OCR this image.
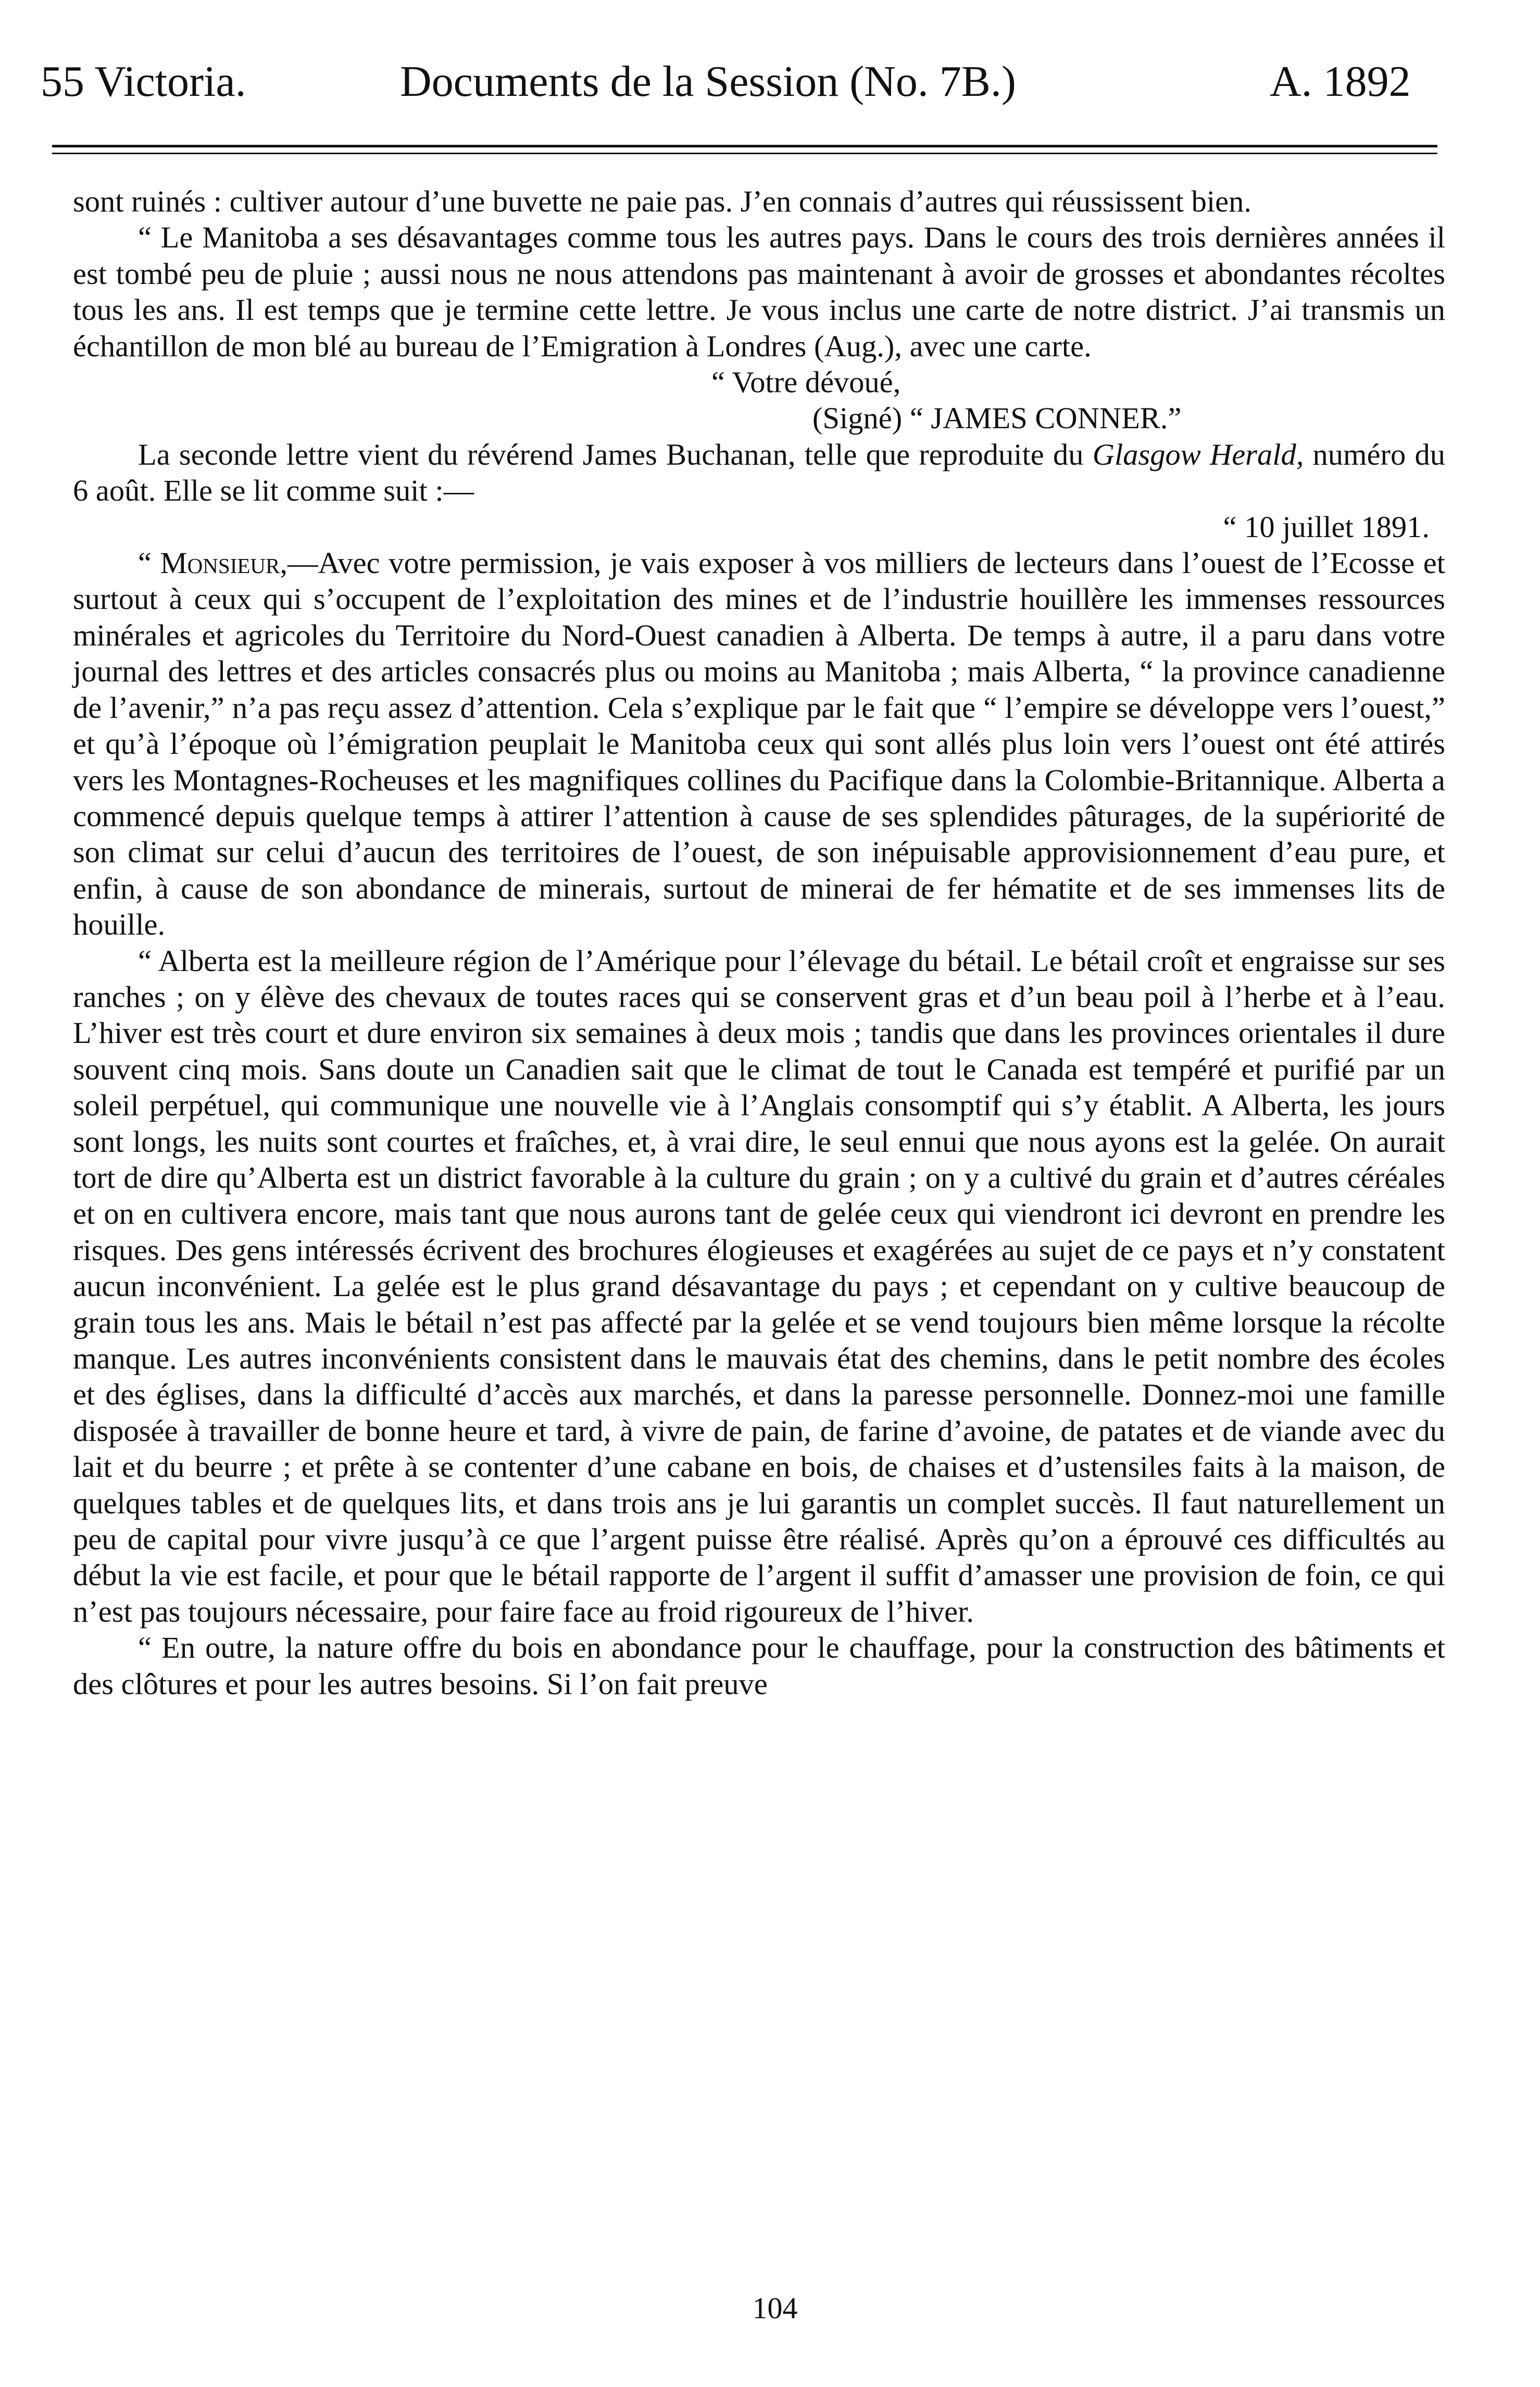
55 Victoria.	Documents de la Session (No. 7B.)	A. 1892

sont ruinés : cultiver autour d’une buvette ne paie pas. J’en connais d’autres qui réussissent bien.

“ Le Manitoba a ses désavantages comme tous les autres pays. Dans le cours des trois dernières années il est tombé peu de pluie ; aussi nous ne nous attendons pas maintenant à avoir de grosses et abondantes récoltes tous les ans. Il est temps que je termine cette lettre. Je vous inclus une carte de notre district. J’ai transmis un échantillon de mon blé au bureau de l’Emigration à Londres (Aug.), avec une carte.

“ Votre dévoué,

(Signé) “ JAMES CONNER.”

La seconde lettre vient du révérend James Buchanan, telle que reproduite du Glasgow Herald, numéro du 6 août. Elle se lit comme suit :—

“ 10 juillet 1891.

“ Monsieur,—Avec votre permission, je vais exposer à vos milliers de lecteurs dans l’ouest de l’Ecosse et surtout à ceux qui s’occupent de l’exploitation des mines et de l’industrie houillère les immenses ressources minérales et agricoles du Territoire du Nord-Ouest canadien à Alberta. De temps à autre, il a paru dans votre journal des lettres et des articles consacrés plus ou moins au Manitoba ; mais Alberta, “ la province canadienne de l’avenir,” n’a pas reçu assez d’attention. Cela s’explique par le fait que “ l’empire se développe vers l’ouest,” et qu’à l’époque où l’émigration peuplait le Manitoba ceux qui sont allés plus loin vers l’ouest ont été attirés vers les Montagnes-Rocheuses et les magnifiques collines du Pacifique dans la Colombie-Britannique. Alberta a commencé depuis quelque temps à attirer l’attention à cause de ses splendides pâturages, de la supériorité de son climat sur celui d’aucun des territoires de l’ouest, de son inépuisable approvisionnement d’eau pure, et enfin, à cause de son abondance de minerais, surtout de minerai de fer hématite et de ses immenses lits de houille.

“ Alberta est la meilleure région de l’Amérique pour l’élevage du bétail. Le bétail croît et engraisse sur ses ranches ; on y élève des chevaux de toutes races qui se conservent gras et d’un beau poil à l’herbe et à l’eau. L’hiver est très court et dure environ six semaines à deux mois ; tandis que dans les provinces orientales il dure souvent cinq mois. Sans doute un Canadien sait que le climat de tout le Canada est tempéré et purifié par un soleil perpétuel, qui communique une nouvelle vie à l’Anglais consomptif qui s’y établit. A Alberta, les jours sont longs, les nuits sont courtes et fraîches, et, à vrai dire, le seul ennui que nous ayons est la gelée. On aurait tort de dire qu’Alberta est un district favorable à la culture du grain ; on y a cultivé du grain et d’autres céréales et on en cultivera encore, mais tant que nous aurons tant de gelée ceux qui viendront ici devront en prendre les risques. Des gens intéressés écrivent des brochures élogieuses et exagérées au sujet de ce pays et n’y constatent aucun inconvénient. La gelée est le plus grand désavantage du pays ; et cependant on y cultive beaucoup de grain tous les ans. Mais le bétail n’est pas affecté par la gelée et se vend toujours bien même lorsque la récolte manque. Les autres inconvénients consistent dans le mauvais état des chemins, dans le petit nombre des écoles et des églises, dans la difficulté d’accès aux marchés, et dans la paresse personnelle. Donnez-moi une famille disposée à travailler de bonne heure et tard, à vivre de pain, de farine d’avoine, de patates et de viande avec du lait et du beurre ; et prête à se contenter d’une cabane en bois, de chaises et d’ustensiles faits à la maison, de quelques tables et de quelques lits, et dans trois ans je lui garantis un complet succès. Il faut naturellement un peu de capital pour vivre jusqu’à ce que l’argent puisse être réalisé. Après qu’on a éprouvé ces difficultés au début la vie est facile, et pour que le bétail rapporte de l’argent il suffit d’amasser une provision de foin, ce qui n’est pas toujours nécessaire, pour faire face au froid rigoureux de l’hiver.

“ En outre, la nature offre du bois en abondance pour le chauffage, pour la construction des bâtiments et des clôtures et pour les autres besoins. Si l’on fait preuve

104
